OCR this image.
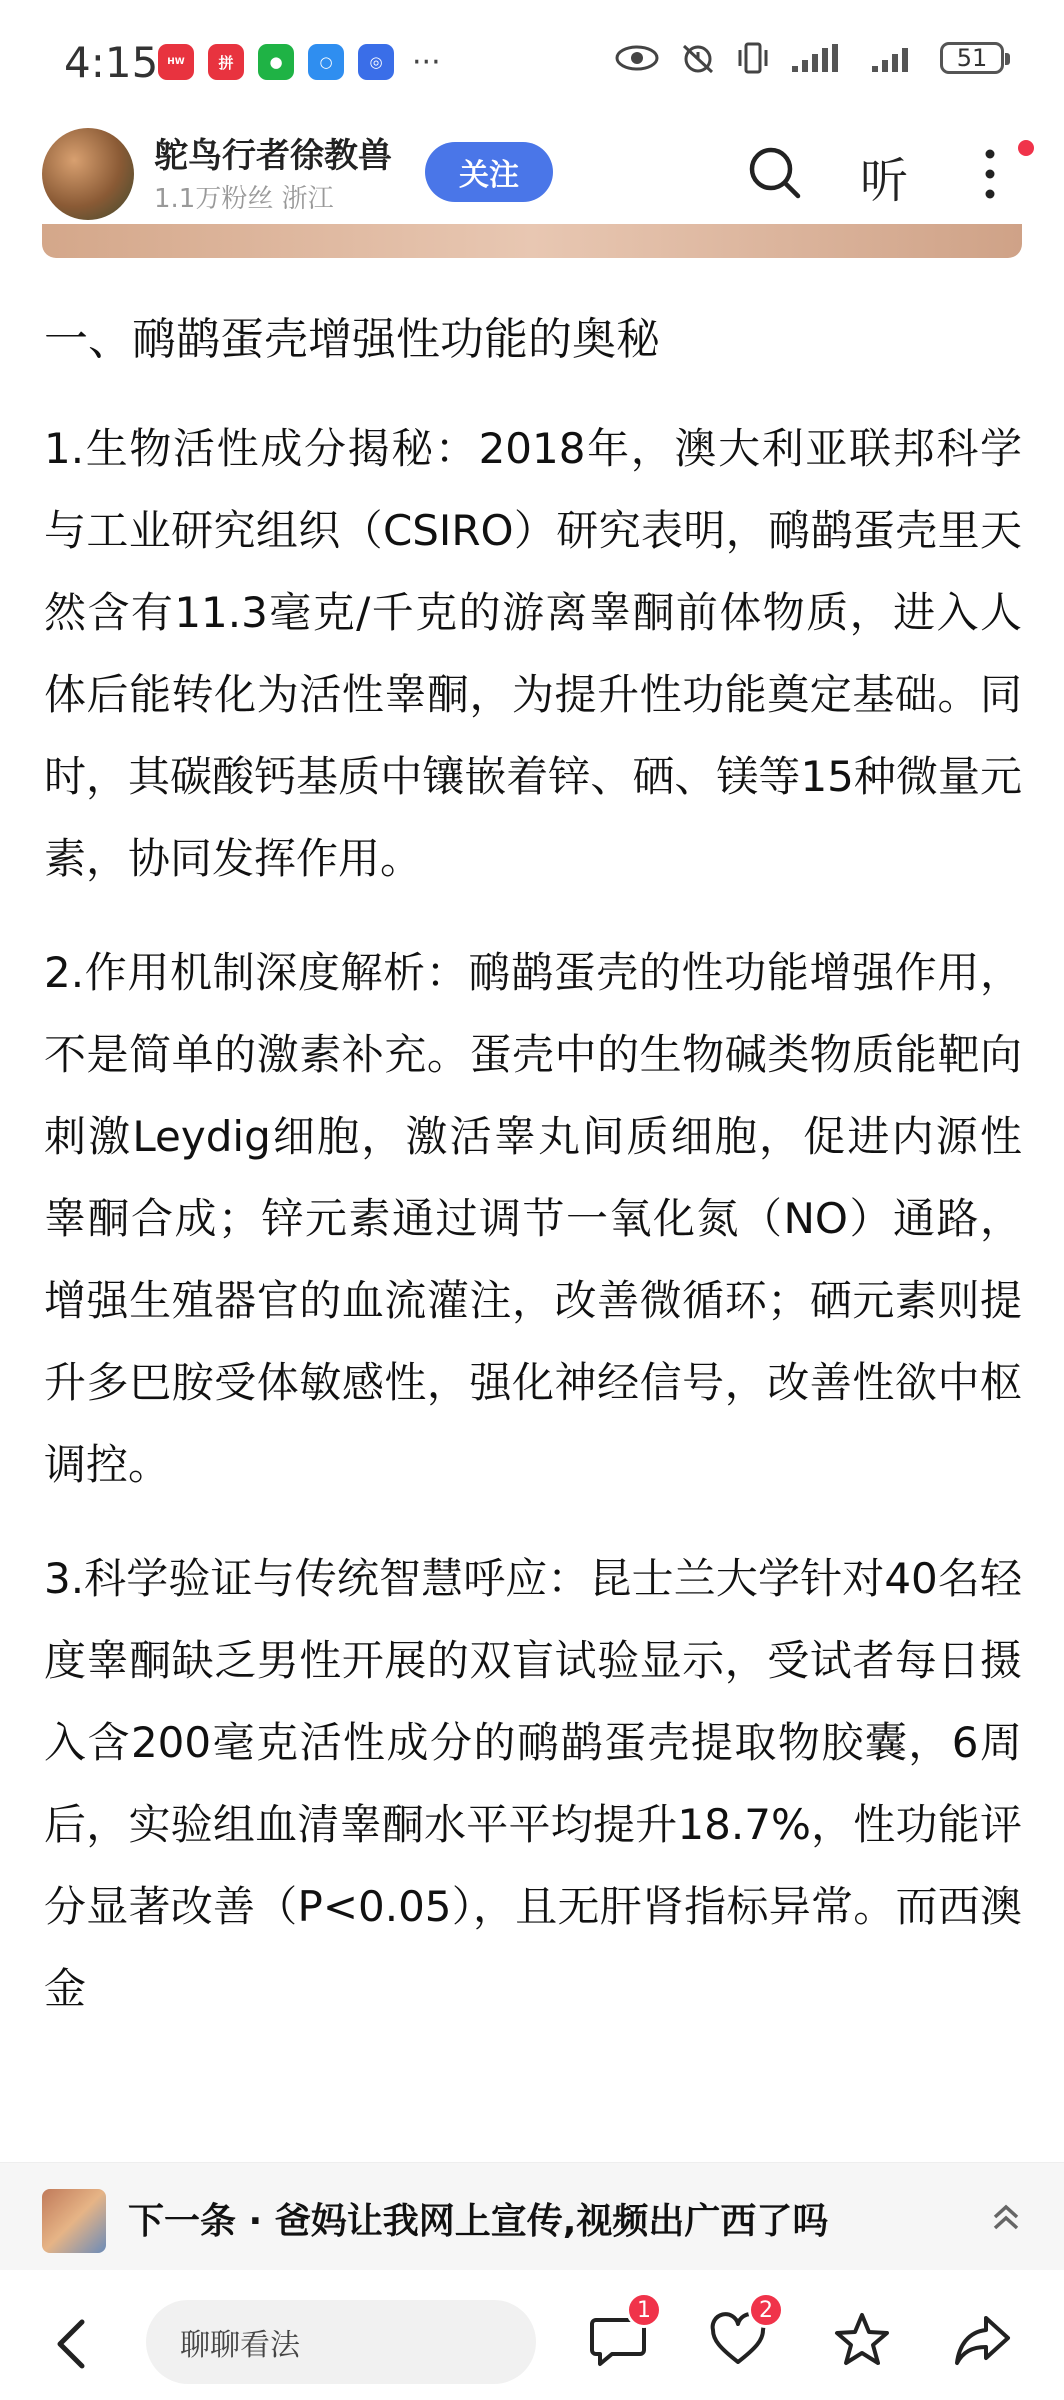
4:15 HW	拼	●	○	◎ ···	51
鸵鸟行者徐教兽
1.1万粉丝 浙江
关注	听
一、鸸鹋蛋壳增强性功能的奥秘

1.生物活性成分揭秘：2018年，澳大利亚联邦科学与工业研究组织（CSIRO）研究表明，鸸鹋蛋壳里天然含有11.3毫克/千克的游离睾酮前体物质，进入人体后能转化为活性睾酮，为提升性功能奠定基础。同时，其碳酸钙基质中镶嵌着锌、硒、镁等15种微量元素，协同发挥作用。

2.作用机制深度解析：鸸鹋蛋壳的性功能增强作用，不是简单的激素补充。蛋壳中的生物碱类物质能靶向刺激Leydig细胞，激活睾丸间质细胞，促进内源性睾酮合成；锌元素通过调节一氧化氮（NO）通路，增强生殖器官的血流灌注，改善微循环；硒元素则提升多巴胺受体敏感性，强化神经信号，改善性欲中枢调控。

3.科学验证与传统智慧呼应：昆士兰大学针对40名轻度睾酮缺乏男性开展的双盲试验显示，受试者每日摄入含200毫克活性成分的鸸鹋蛋壳提取物胶囊，6周后，实验组血清睾酮水平平均提升18.7%，性功能评分显著改善（P<0.05），且无肝肾指标异常。而西澳金

下一条 · 爸妈让我网上宣传,视频出广西了吗
聊聊看法
1	2
